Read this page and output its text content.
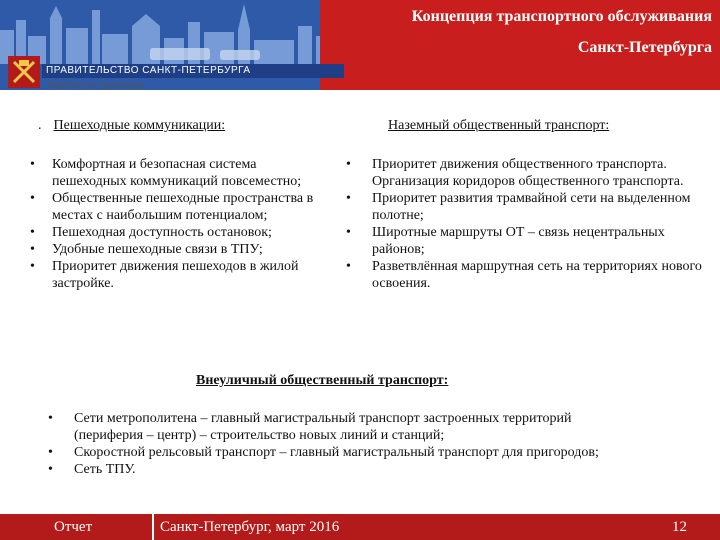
Концепция транспортного обслуживания
Санкт-Петербурга
ПРАВИТЕЛЬСТВО САНКТ-ПЕТЕРБУРГА
Комитет по транспорту
. Пешеходные коммуникации:
• Комфортная и безопасная система пешеходных коммуникаций повсеместно;
• Общественные пешеходные пространства в местах с наибольшим потенциалом;
• Пешеходная доступность остановок;
• Удобные пешеходные связи в ТПУ;
• Приоритет движения пешеходов в жилой застройке.
Наземный общественный транспорт:
• Приоритет движения общественного транспорта. Организация коридоров общественного транспорта.
• Приоритет развития трамвайной сети на выделенном полотне;
• Широтные маршруты ОТ – связь нецентральных районов;
• Разветвлённая маршрутная сеть на территориях нового освоения.
Внеуличный общественный транспорт:
• Сети метрополитена – главный магистральный транспорт застроенных территорий (периферия – центр) – строительство новых линий и станций;
• Скоростной рельсовый транспорт – главный магистральный транспорт для пригородов;
• Сеть ТПУ.
Отчет	Санкт-Петербург, март 2016	12
